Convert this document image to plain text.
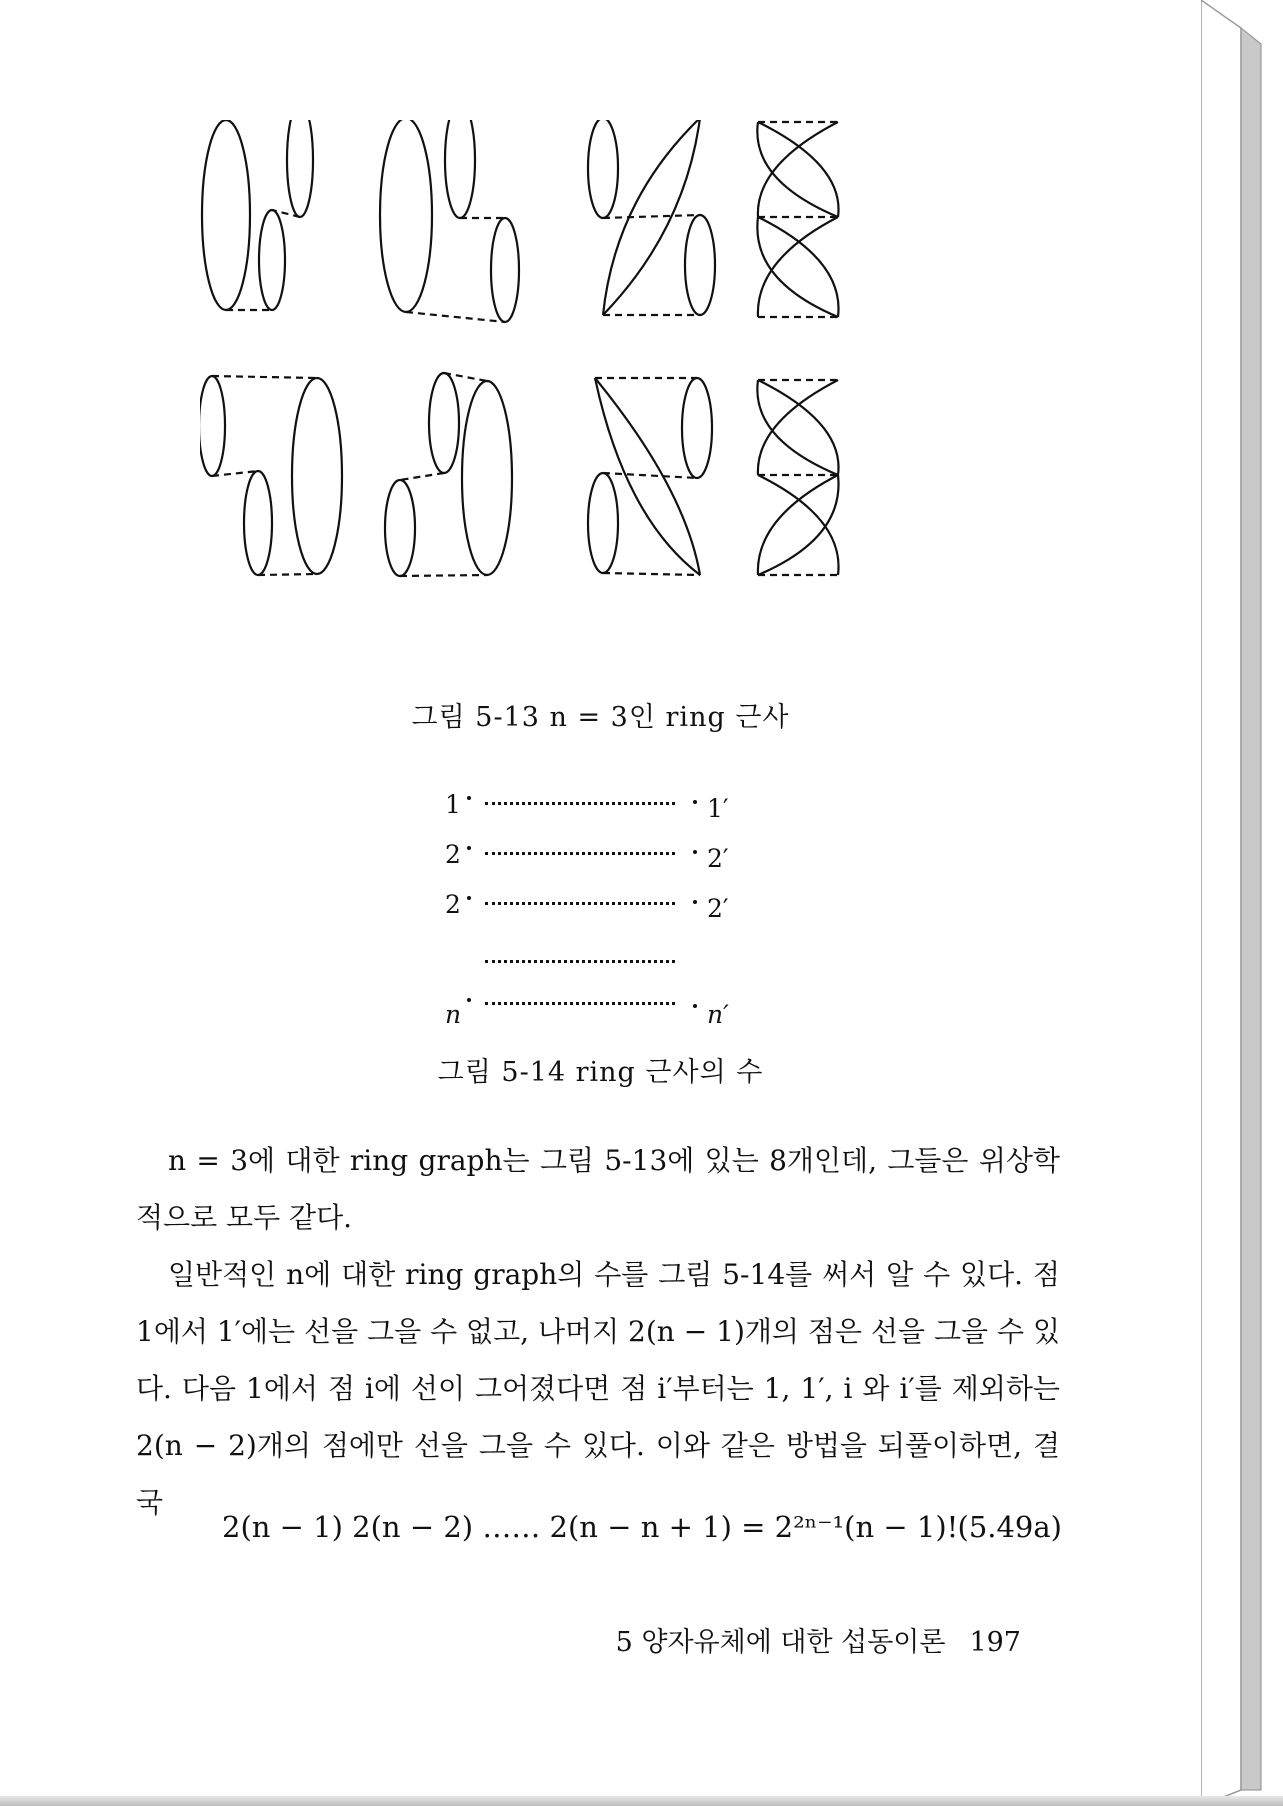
그림 5-13 n = 3인 ring 근사
1	1′
2	2′
2	2′
n	n′
그림 5-14 ring 근사의 수

n = 3에 대한 ring graph는 그림 5-13에 있는 8개인데, 그들은 위상학적으로 모두 같다.

일반적인 n에 대한 ring graph의 수를 그림 5-14를 써서 알 수 있다. 점 1에서 1′에는 선을 그을 수 없고, 나머지 2(n − 1)개의 점은 선을 그을 수 있다. 다음 1에서 점 i에 선이 그어졌다면 점 i′부터는 1, 1′, i 와 i′를 제외하는 2(n − 2)개의 점에만 선을 그을 수 있다. 이와 같은 방법을 되풀이하면, 결국

2(n − 1) 2(n − 2) …… 2(n − n + 1) = 2²ⁿ⁻¹(n − 1)! (5.49a)
5 양자유체에 대한 섭동이론 197
